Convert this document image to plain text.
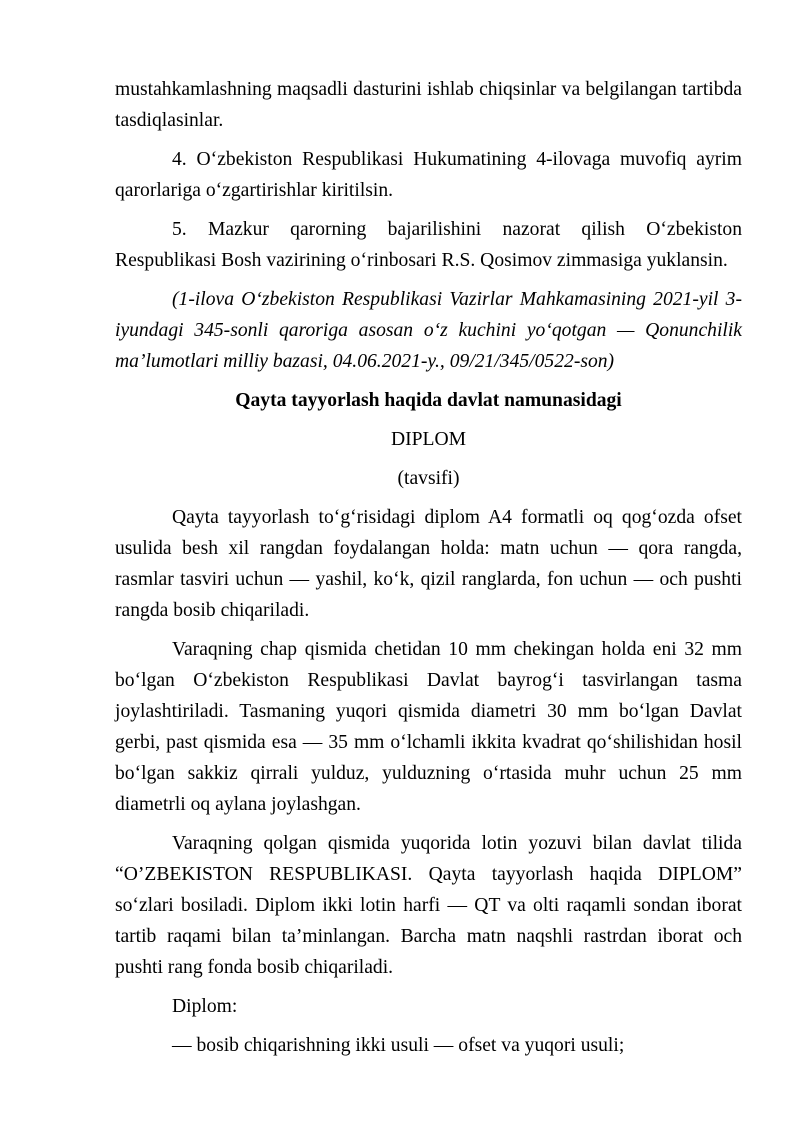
mustahkamlashning maqsadli dasturini ishlab chiqsinlar va belgilangan tartibda tasdiqlasinlar.

4. O‘zbekiston Respublikasi Hukumatining 4-ilovaga muvofiq ayrim qarorlariga o‘zgartirishlar kiritilsin.

5. Mazkur qarorning bajarilishini nazorat qilish O‘zbekiston Respublikasi Bosh vazirining o‘rinbosari R.S. Qosimov zimmasiga yuklansin.

(1-ilova O‘zbekiston Respublikasi Vazirlar Mahkamasining 2021-yil 3-iyundagi 345-sonli qaroriga asosan o‘z kuchini yo‘qotgan — Qonunchilik ma’lumotlari milliy bazasi, 04.06.2021-y., 09/21/345/0522-son)

Qayta tayyorlash haqida davlat namunasidagi

DIPLOM

(tavsifi)

Qayta tayyorlash to‘g‘risidagi diplom A4 formatli oq qog‘ozda ofset usulida besh xil rangdan foydalangan holda: matn uchun — qora rangda, rasmlar tasviri uchun — yashil, ko‘k, qizil ranglarda, fon uchun — och pushti rangda bosib chiqariladi.

Varaqning chap qismida chetidan 10 mm chekingan holda eni 32 mm bo‘lgan O‘zbekiston Respublikasi Davlat bayrog‘i tasvirlangan tasma joylashtiriladi. Tasmaning yuqori qismida diametri 30 mm bo‘lgan Davlat gerbi, past qismida esa — 35 mm o‘lchamli ikkita kvadrat qo‘shilishidan hosil bo‘lgan sakkiz qirrali yulduz, yulduzning o‘rtasida muhr uchun 25 mm diametrli oq aylana joylashgan.

Varaqning qolgan qismida yuqorida lotin yozuvi bilan davlat tilida “O’ZBEKISTON RESPUBLIKASI. Qayta tayyorlash haqida DIPLOM” so‘zlari bosiladi. Diplom ikki lotin harfi — QT va olti raqamli sondan iborat tartib raqami bilan ta’minlangan. Barcha matn naqshli rastrdan iborat och pushti rang fonda bosib chiqariladi.

Diplom:

— bosib chiqarishning ikki usuli — ofset va yuqori usuli;
